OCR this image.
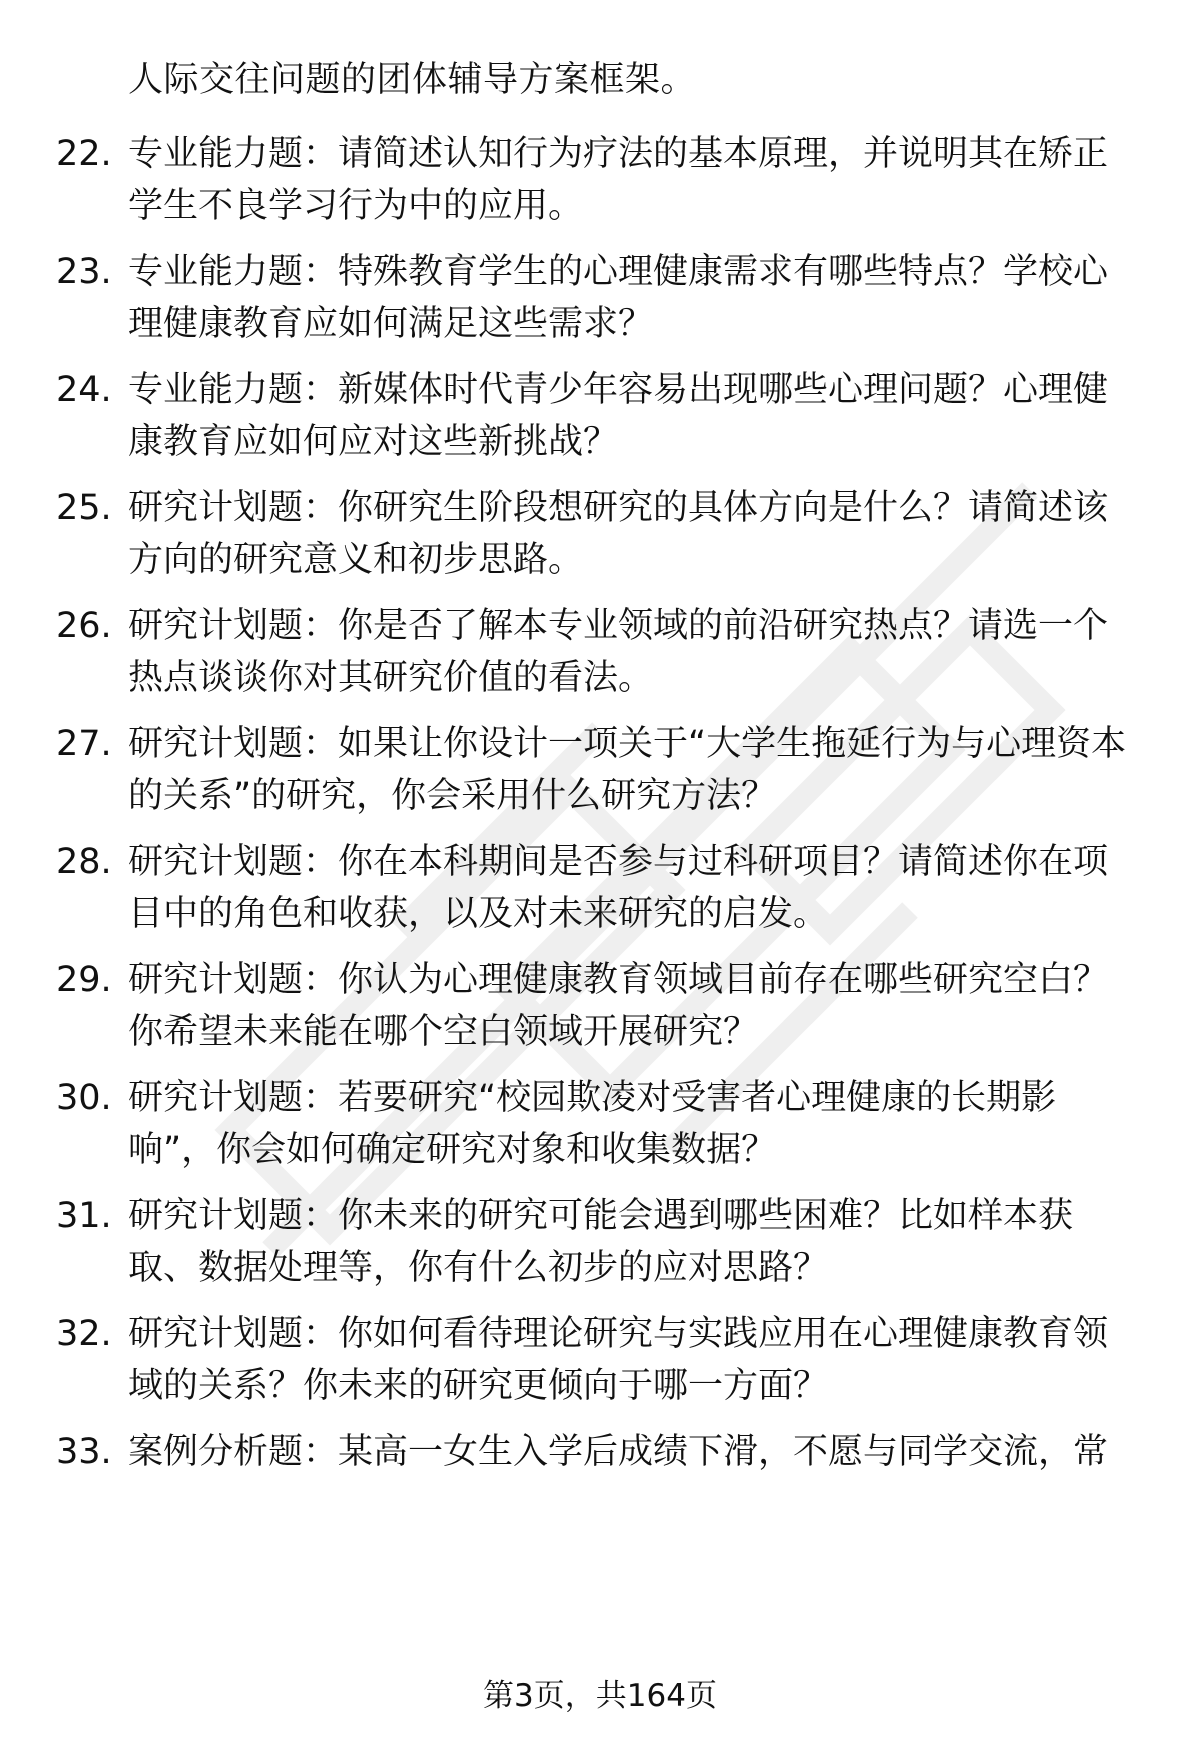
人际交往问题的团体辅导方案框架。
22. 专业能力题：请简述认知行为疗法的基本原理，并说明其在矫正学生不良学习行为中的应用。
23. 专业能力题：特殊教育学生的心理健康需求有哪些特点？学校心理健康教育应如何满足这些需求？
24. 专业能力题：新媒体时代青少年容易出现哪些心理问题？心理健康教育应如何应对这些新挑战？
25. 研究计划题：你研究生阶段想研究的具体方向是什么？请简述该方向的研究意义和初步思路。
26. 研究计划题：你是否了解本专业领域的前沿研究热点？请选一个热点谈谈你对其研究价值的看法。
27. 研究计划题：如果让你设计一项关于“大学生拖延行为与心理资本的关系”的研究，你会采用什么研究方法？
28. 研究计划题：你在本科期间是否参与过科研项目？请简述你在项目中的角色和收获，以及对未来研究的启发。
29. 研究计划题：你认为心理健康教育领域目前存在哪些研究空白？你希望未来能在哪个空白领域开展研究？
30. 研究计划题：若要研究“校园欺凌对受害者心理健康的长期影响”，你会如何确定研究对象和收集数据？
31. 研究计划题：你未来的研究可能会遇到哪些困难？比如样本获取、数据处理等，你有什么初步的应对思路？
32. 研究计划题：你如何看待理论研究与实践应用在心理健康教育领域的关系？你未来的研究更倾向于哪一方面？
33. 案例分析题：某高一女生入学后成绩下滑，不愿与同学交流，常
第3页，共164页
